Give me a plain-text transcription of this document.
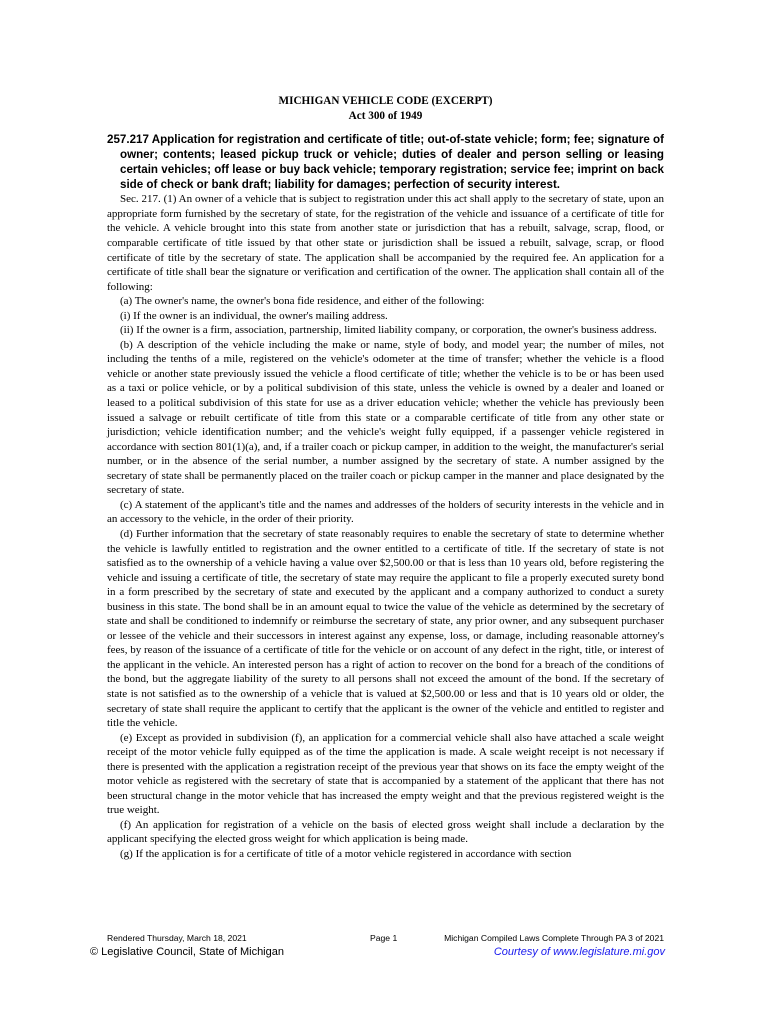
MICHIGAN VEHICLE CODE (EXCERPT)
Act 300 of 1949
257.217 Application for registration and certificate of title; out-of-state vehicle; form; fee; signature of owner; contents; leased pickup truck or vehicle; duties of dealer and person selling or leasing certain vehicles; off lease or buy back vehicle; temporary registration; service fee; imprint on back side of check or bank draft; liability for damages; perfection of security interest.

Sec. 217. (1) An owner of a vehicle that is subject to registration under this act shall apply to the secretary of state, upon an appropriate form furnished by the secretary of state, for the registration of the vehicle and issuance of a certificate of title for the vehicle. A vehicle brought into this state from another state or jurisdiction that has a rebuilt, salvage, scrap, flood, or comparable certificate of title issued by that other state or jurisdiction shall be issued a rebuilt, salvage, scrap, or flood certificate of title by the secretary of state. The application shall be accompanied by the required fee. An application for a certificate of title shall bear the signature or verification and certification of the owner. The application shall contain all of the following:

(a) The owner's name, the owner's bona fide residence, and either of the following:

(i) If the owner is an individual, the owner's mailing address.

(ii) If the owner is a firm, association, partnership, limited liability company, or corporation, the owner's business address.

(b) A description of the vehicle including the make or name, style of body, and model year; the number of miles, not including the tenths of a mile, registered on the vehicle's odometer at the time of transfer; whether the vehicle is a flood vehicle or another state previously issued the vehicle a flood certificate of title; whether the vehicle is to be or has been used as a taxi or police vehicle, or by a political subdivision of this state, unless the vehicle is owned by a dealer and loaned or leased to a political subdivision of this state for use as a driver education vehicle; whether the vehicle has previously been issued a salvage or rebuilt certificate of title from this state or a comparable certificate of title from any other state or jurisdiction; vehicle identification number; and the vehicle's weight fully equipped, if a passenger vehicle registered in accordance with section 801(1)(a), and, if a trailer coach or pickup camper, in addition to the weight, the manufacturer's serial number, or in the absence of the serial number, a number assigned by the secretary of state. A number assigned by the secretary of state shall be permanently placed on the trailer coach or pickup camper in the manner and place designated by the secretary of state.

(c) A statement of the applicant's title and the names and addresses of the holders of security interests in the vehicle and in an accessory to the vehicle, in the order of their priority.

(d) Further information that the secretary of state reasonably requires to enable the secretary of state to determine whether the vehicle is lawfully entitled to registration and the owner entitled to a certificate of title. If the secretary of state is not satisfied as to the ownership of a vehicle having a value over $2,500.00 or that is less than 10 years old, before registering the vehicle and issuing a certificate of title, the secretary of state may require the applicant to file a properly executed surety bond in a form prescribed by the secretary of state and executed by the applicant and a company authorized to conduct a surety business in this state. The bond shall be in an amount equal to twice the value of the vehicle as determined by the secretary of state and shall be conditioned to indemnify or reimburse the secretary of state, any prior owner, and any subsequent purchaser or lessee of the vehicle and their successors in interest against any expense, loss, or damage, including reasonable attorney's fees, by reason of the issuance of a certificate of title for the vehicle or on account of any defect in the right, title, or interest of the applicant in the vehicle. An interested person has a right of action to recover on the bond for a breach of the conditions of the bond, but the aggregate liability of the surety to all persons shall not exceed the amount of the bond. If the secretary of state is not satisfied as to the ownership of a vehicle that is valued at $2,500.00 or less and that is 10 years old or older, the secretary of state shall require the applicant to certify that the applicant is the owner of the vehicle and entitled to register and title the vehicle.

(e) Except as provided in subdivision (f), an application for a commercial vehicle shall also have attached a scale weight receipt of the motor vehicle fully equipped as of the time the application is made. A scale weight receipt is not necessary if there is presented with the application a registration receipt of the previous year that shows on its face the empty weight of the motor vehicle as registered with the secretary of state that is accompanied by a statement of the applicant that there has not been structural change in the motor vehicle that has increased the empty weight and that the previous registered weight is the true weight.

(f) An application for registration of a vehicle on the basis of elected gross weight shall include a declaration by the applicant specifying the elected gross weight for which application is being made.

(g) If the application is for a certificate of title of a motor vehicle registered in accordance with section

Rendered Thursday, March 18, 2021	Page 1	Michigan Compiled Laws Complete Through PA 3 of 2021
© Legislative Council, State of Michigan	Courtesy of www.legislature.mi.gov
